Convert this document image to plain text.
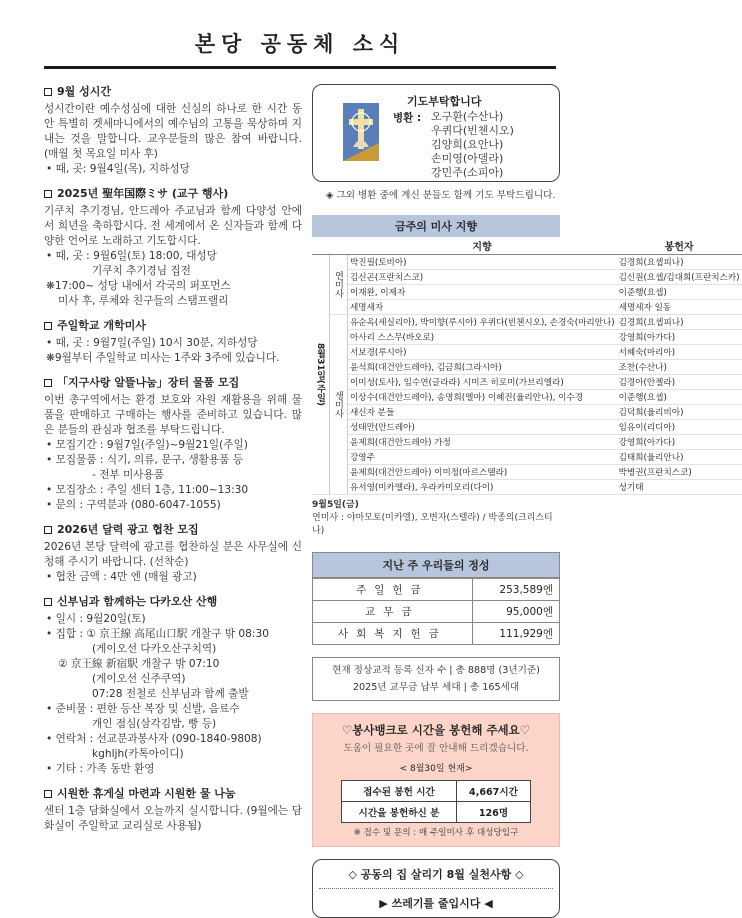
본당 공동체 소식
9월 성시간
성시간이란 예수성심에 대한 신심의 하나로 한 시간 동안 특별히 겟세마니에서의 예수님의 고통을 묵상하며 지내는 것을 말합니다. 교우분들의 많은 참여 바랍니다. (매월 첫 목요일 미사 후)
• 때, 곳: 9월4일(목), 지하성당
2025년 聖年国際ミサ (교구 행사)
기쿠치 추기경님, 안드레아 주교님과 함께 다양성 안에서 희년을 축하합시다. 전 세계에서 온 신자들과 함께 다양한 언어로 노래하고 기도합시다.
• 때, 곳 : 9월6일(토) 18:00, 대성당
기쿠치 추기경님 집전
❋17:00~ 성당 내에서 각국의 퍼포먼스
미사 후, 루체와 친구들의 스탬프랠리
주일학교 개학미사
• 때, 곳 : 9월7일(주일) 10시 30분, 지하성당
❋9월부터 주일학교 미사는 1주와 3주에 있습니다.
「지구사랑 알뜰나눔」장터 물품 모집
이번 총구역에서는 환경 보호와 자원 재활용을 위해 물품을 판매하고 구매하는 행사를 준비하고 있습니다. 많은 분들의 관심과 협조를 부탁드립니다.
• 모집기간 : 9월7일(주일)~9월21일(주일)
• 모집물품 : 식기, 의류, 문구, 생활용품 등
- 전부 미사용품
• 모집장소 : 주일 센터 1층, 11:00~13:30
• 문의 : 구역분과 (080-6047-1055)
2026년 달력 광고 협찬 모집
2026년 본당 달력에 광고를 협찬하실 분은 사무실에 신청해 주시기 바랍니다. (선착순)
• 협찬 금액 : 4만 엔 (매월 광고)
신부님과 함께하는 다카오산 산행
• 일시 : 9월20일(토)
• 집합 : ① 京王線 高尾山口駅 개찰구 밖 08:30
(게이오선 다카오산구치역)
② 京王線 新宿駅 개찰구 밖 07:10
(게이오선 신주쿠역)
07:28 전철로 신부님과 함께 출발
• 준비물 : 편한 등산 복장 및 신발, 음료수
개인 점심(삼각김밥, 빵 등)
• 연락처 : 선교분과봉사자 (090-1840-9808)
kghljh(카톡아이디)
• 기타 : 가족 동반 환영
시원한 휴게실 마련과 시원한 물 나눔
센터 1층 담화실에서 오늘까지 실시합니다. (9월에는 담화실이 주일학교 교리실로 사용됨)
기도부탁합니다
병환 : 오구환(수산나)
우퀴다(빈첸시오)
김양희(요안나)
손미영(아델라)
강민주(소피아)
◈ 그외 병환 중에 계신 분들도 함께 기도 부탁드립니다.
금주의 미사 지향
		지향	봉헌자
8월31일(주일)	연미사	박진필(토비아)	김경희(요셉피나)
		김신곤(프란치스코)	김신원(요셉/김대희(프란치스카)
		이재완, 이제자	이준행(요셉)
		세명세자	세명세자 일동
	생미사	유순옥(세실리아), 박미향(루시아) 우퀴다(빈첸시오), 손경숙(마리안나)	김경희(요셉피나)
		아사리 스스무(바오로)	강영희(아가다)
		서보경(루시아)	서혜숙(마리아)
		윤석희(대건안드레아), 김금희(그라시아)	조찬(수산나)
		이미성(토사), 임수연(글라라) 시미즈 히로미(가브리엘라)	김경아(안젤라)
		이상수(대건안드레아), 송명희(엘마) 이혜진(율리안나), 이수경	이준행(요셉)
		새신자 분들	김덕희(율리비아)
		성태만(안드레아)	임유이(리디아)
		윤제희(대건안드레아) 가정	강영희(아가다)
		강영주	김태희(율리안나)
		윤제희(대건안드레아) 이미정(마르스텔라)	박병권(프란치스코)
		유서영(미카엘라), 우라카미모리(다이)	성기태
9월5일(금)
연미사 : 야마모토(미카엘), 오변자(스텔라) / 박종의(크리스티나)
지난 주 우리들의 정성
주일헌금	253,589엔
교무금	95,000엔
사회복지헌금	111,929엔
현재 정상교적 등록 신자 수 | 총 888명 (3년기준)
2025년 교무금 납부 세대 | 총 165세대
♡봉사뱅크로 시간을 봉헌해 주세요♡
도움이 필요한 곳에 잘 안내해 드리겠습니다.
< 8월30일 현재>
접수된 봉헌 시간	4,667시간
시간을 봉헌하신 분	126명
※ 접수 및 문의 : 매 주일미사 후 대성당입구
◇ 공동의 집 살리기 8월 실천사항 ◇
▶ 쓰레기를 줄입시다 ◀
